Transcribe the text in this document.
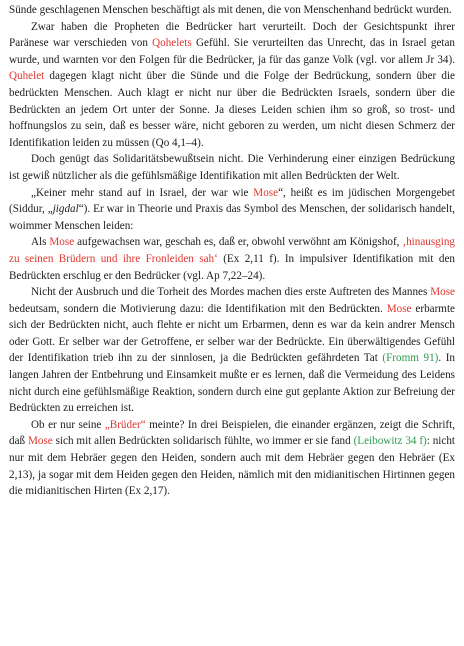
Sünde geschlagenen Menschen beschäftigt als mit denen, die von Menschenhand bedrückt wurden.

Zwar haben die Propheten die Bedrücker hart verurteilt. Doch der Gesichtspunkt ihrer Paränese war verschieden von Qohelets Gefühl. Sie verurteilten das Unrecht, das in Israel getan wurde, und warnten vor den Folgen für die Bedrücker, ja für das ganze Volk (vgl. vor allem Jr 34). Quhelet dagegen klagt nicht über die Sünde und die Folge der Bedrückung, sondern über die bedrückten Menschen. Auch klagt er nicht nur über die Bedrückten Israels, sondern über die Bedrückten an jedem Ort unter der Sonne. Ja dieses Leiden schien ihm so groß, so trost- und hoffnungslos zu sein, daß es besser wäre, nicht geboren zu werden, um nicht diesen Schmerz der Identifikation leiden zu müssen (Qo 4,1–4).

Doch genügt das Solidaritätsbewußtsein nicht. Die Verhinderung einer einzigen Bedrückung ist gewiß nützlicher als die gefühlsmäßige Identifikation mit allen Bedrückten der Welt.

„Keiner mehr stand auf in Israel, der war wie Mose“, heißt es im jüdischen Morgengebet (Siddur, „jigdal“). Er war in Theorie und Praxis das Symbol des Menschen, der solidarisch handelt, woimmer Menschen leiden:

Als Mose aufgewachsen war, geschah es, daß er, obwohl verwöhnt am Königshof, ‚hinausging zu seinen Brüdern und ihre Fronleiden sah‘ (Ex 2,11 f). In impulsiver Identifikation mit den Bedrückten erschlug er den Bedrücker (vgl. Ap 7,22–24).

Nicht der Ausbruch und die Torheit des Mordes machen dies erste Auftreten des Mannes Mose bedeutsam, sondern die Motivierung dazu: die Identifikation mit den Bedrückten. Mose erbarmte sich der Bedrückten nicht, auch flehte er nicht um Erbarmen, denn es war da kein andrer Mensch oder Gott. Er selber war der Getroffene, er selber war der Bedrückte. Ein überwältigendes Gefühl der Identifikation trieb ihn zu der sinnlosen, ja die Bedrückten gefährdeten Tat (Fromm 91). In langen Jahren der Entbehrung und Einsamkeit mußte er es lernen, daß die Vermeidung des Leidens nicht durch eine gefühlsmäßige Reaktion, sondern durch eine gut geplante Aktion zur Befreiung der Bedrückten zu erreichen ist.

Ob er nur seine „Brüder“ meinte? In drei Beispielen, die einander ergänzen, zeigt die Schrift, daß Mose sich mit allen Bedrückten solidarisch fühlte, wo immer er sie fand (Leibowitz 34 f): nicht nur mit dem Hebräer gegen den Heiden, sondern auch mit dem Hebräer gegen den Hebräer (Ex 2,13), ja sogar mit dem Heiden gegen den Heiden, nämlich mit den midianitischen Hirtinnen gegen die midianitischen Hirten (Ex 2,17).
